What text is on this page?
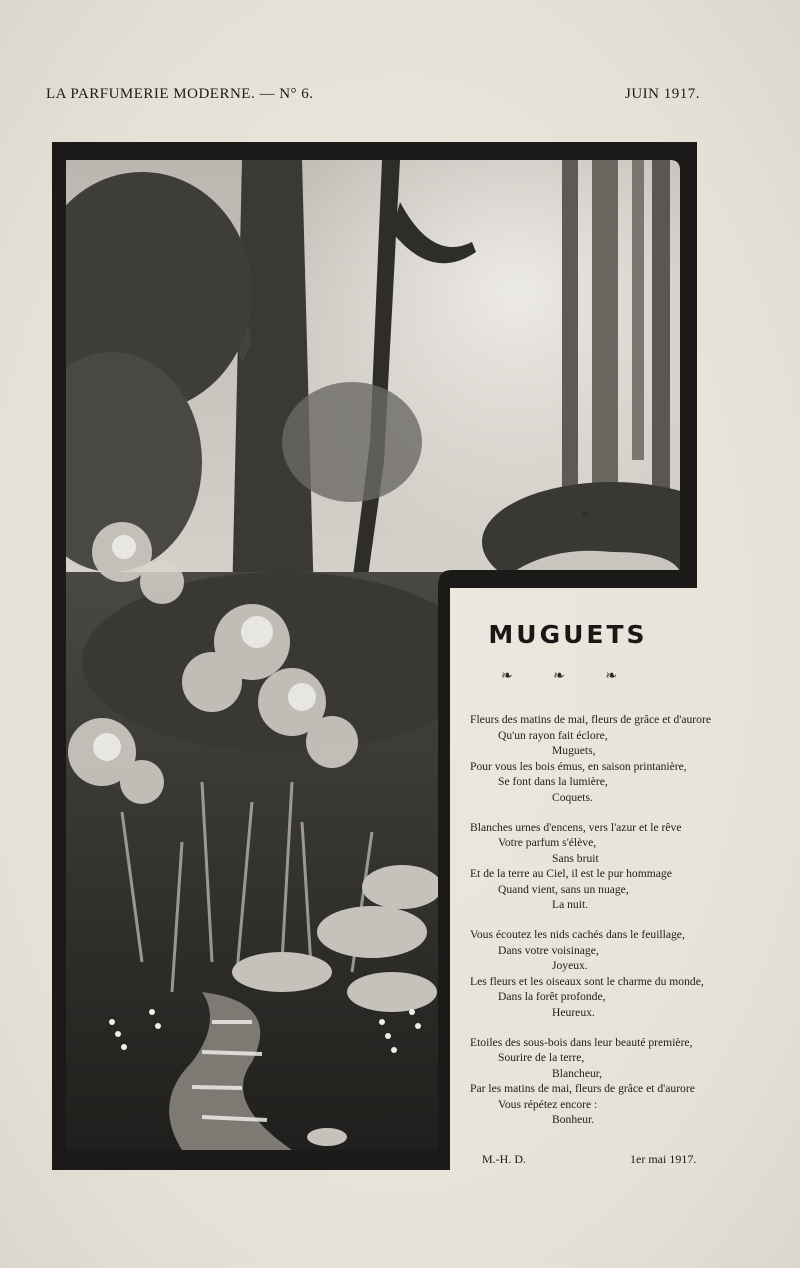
LA PARFUMERIE MODERNE. — N° 6.	JUIN 1917.
MUGUETS
❧ ❧ ❧
Fleurs des matins de mai, fleurs de grâce et d'aurore
Qu'un rayon fait éclore,
Muguets,
Pour vous les bois émus, en saison printanière,
Se font dans la lumière,
Coquets.
Blanches urnes d'encens, vers l'azur et le rêve
Votre parfum s'élève,
Sans bruit
Et de la terre au Ciel, il est le pur hommage
Quand vient, sans un nuage,
La nuit.
Vous écoutez les nids cachés dans le feuillage,
Dans votre voisinage,
Joyeux.
Les fleurs et les oiseaux sont le charme du monde,
Dans la forêt profonde,
Heureux.
Etoiles des sous-bois dans leur beauté première,
Sourire de la terre,
Blancheur,
Par les matins de mai, fleurs de grâce et d'aurore
Vous répétez encore :
Bonheur.
M.-H. D.	1er mai 1917.
✒
